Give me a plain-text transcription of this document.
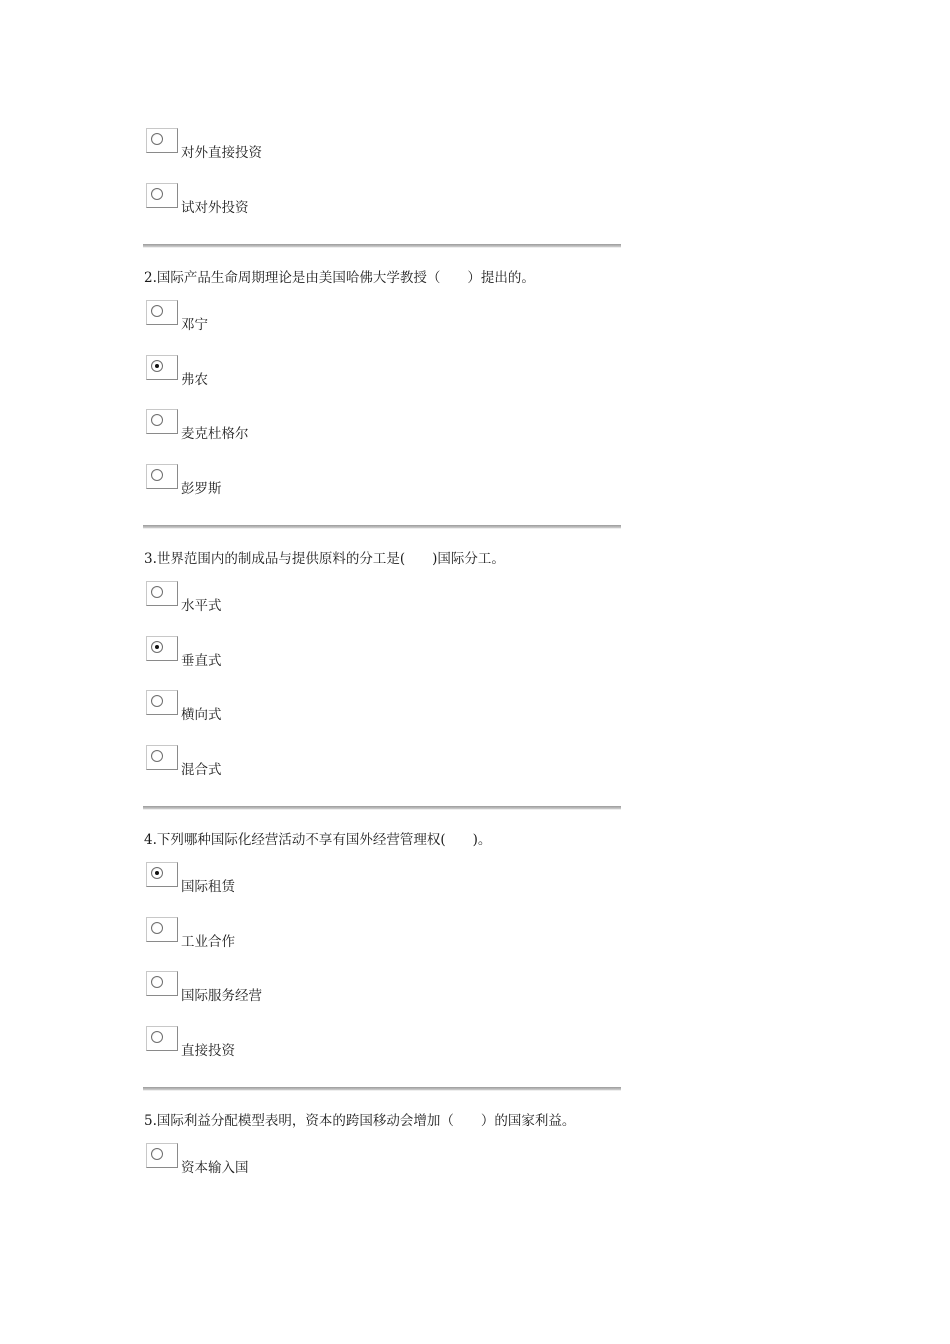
对外直接投资
试对外投资
2.国际产品生命周期理论是由美国哈佛大学教授（　　）提出的。
邓宁
弗农
麦克杜格尔
彭罗斯
3.世界范围内的制成品与提供原料的分工是(　　)国际分工。
水平式
垂直式
横向式
混合式
4.下列哪种国际化经营活动不享有国外经营管理权(　　)。
国际租赁
工业合作
国际服务经营
直接投资
5.国际利益分配模型表明，资本的跨国移动会增加（　　）的国家利益。
资本输入国
